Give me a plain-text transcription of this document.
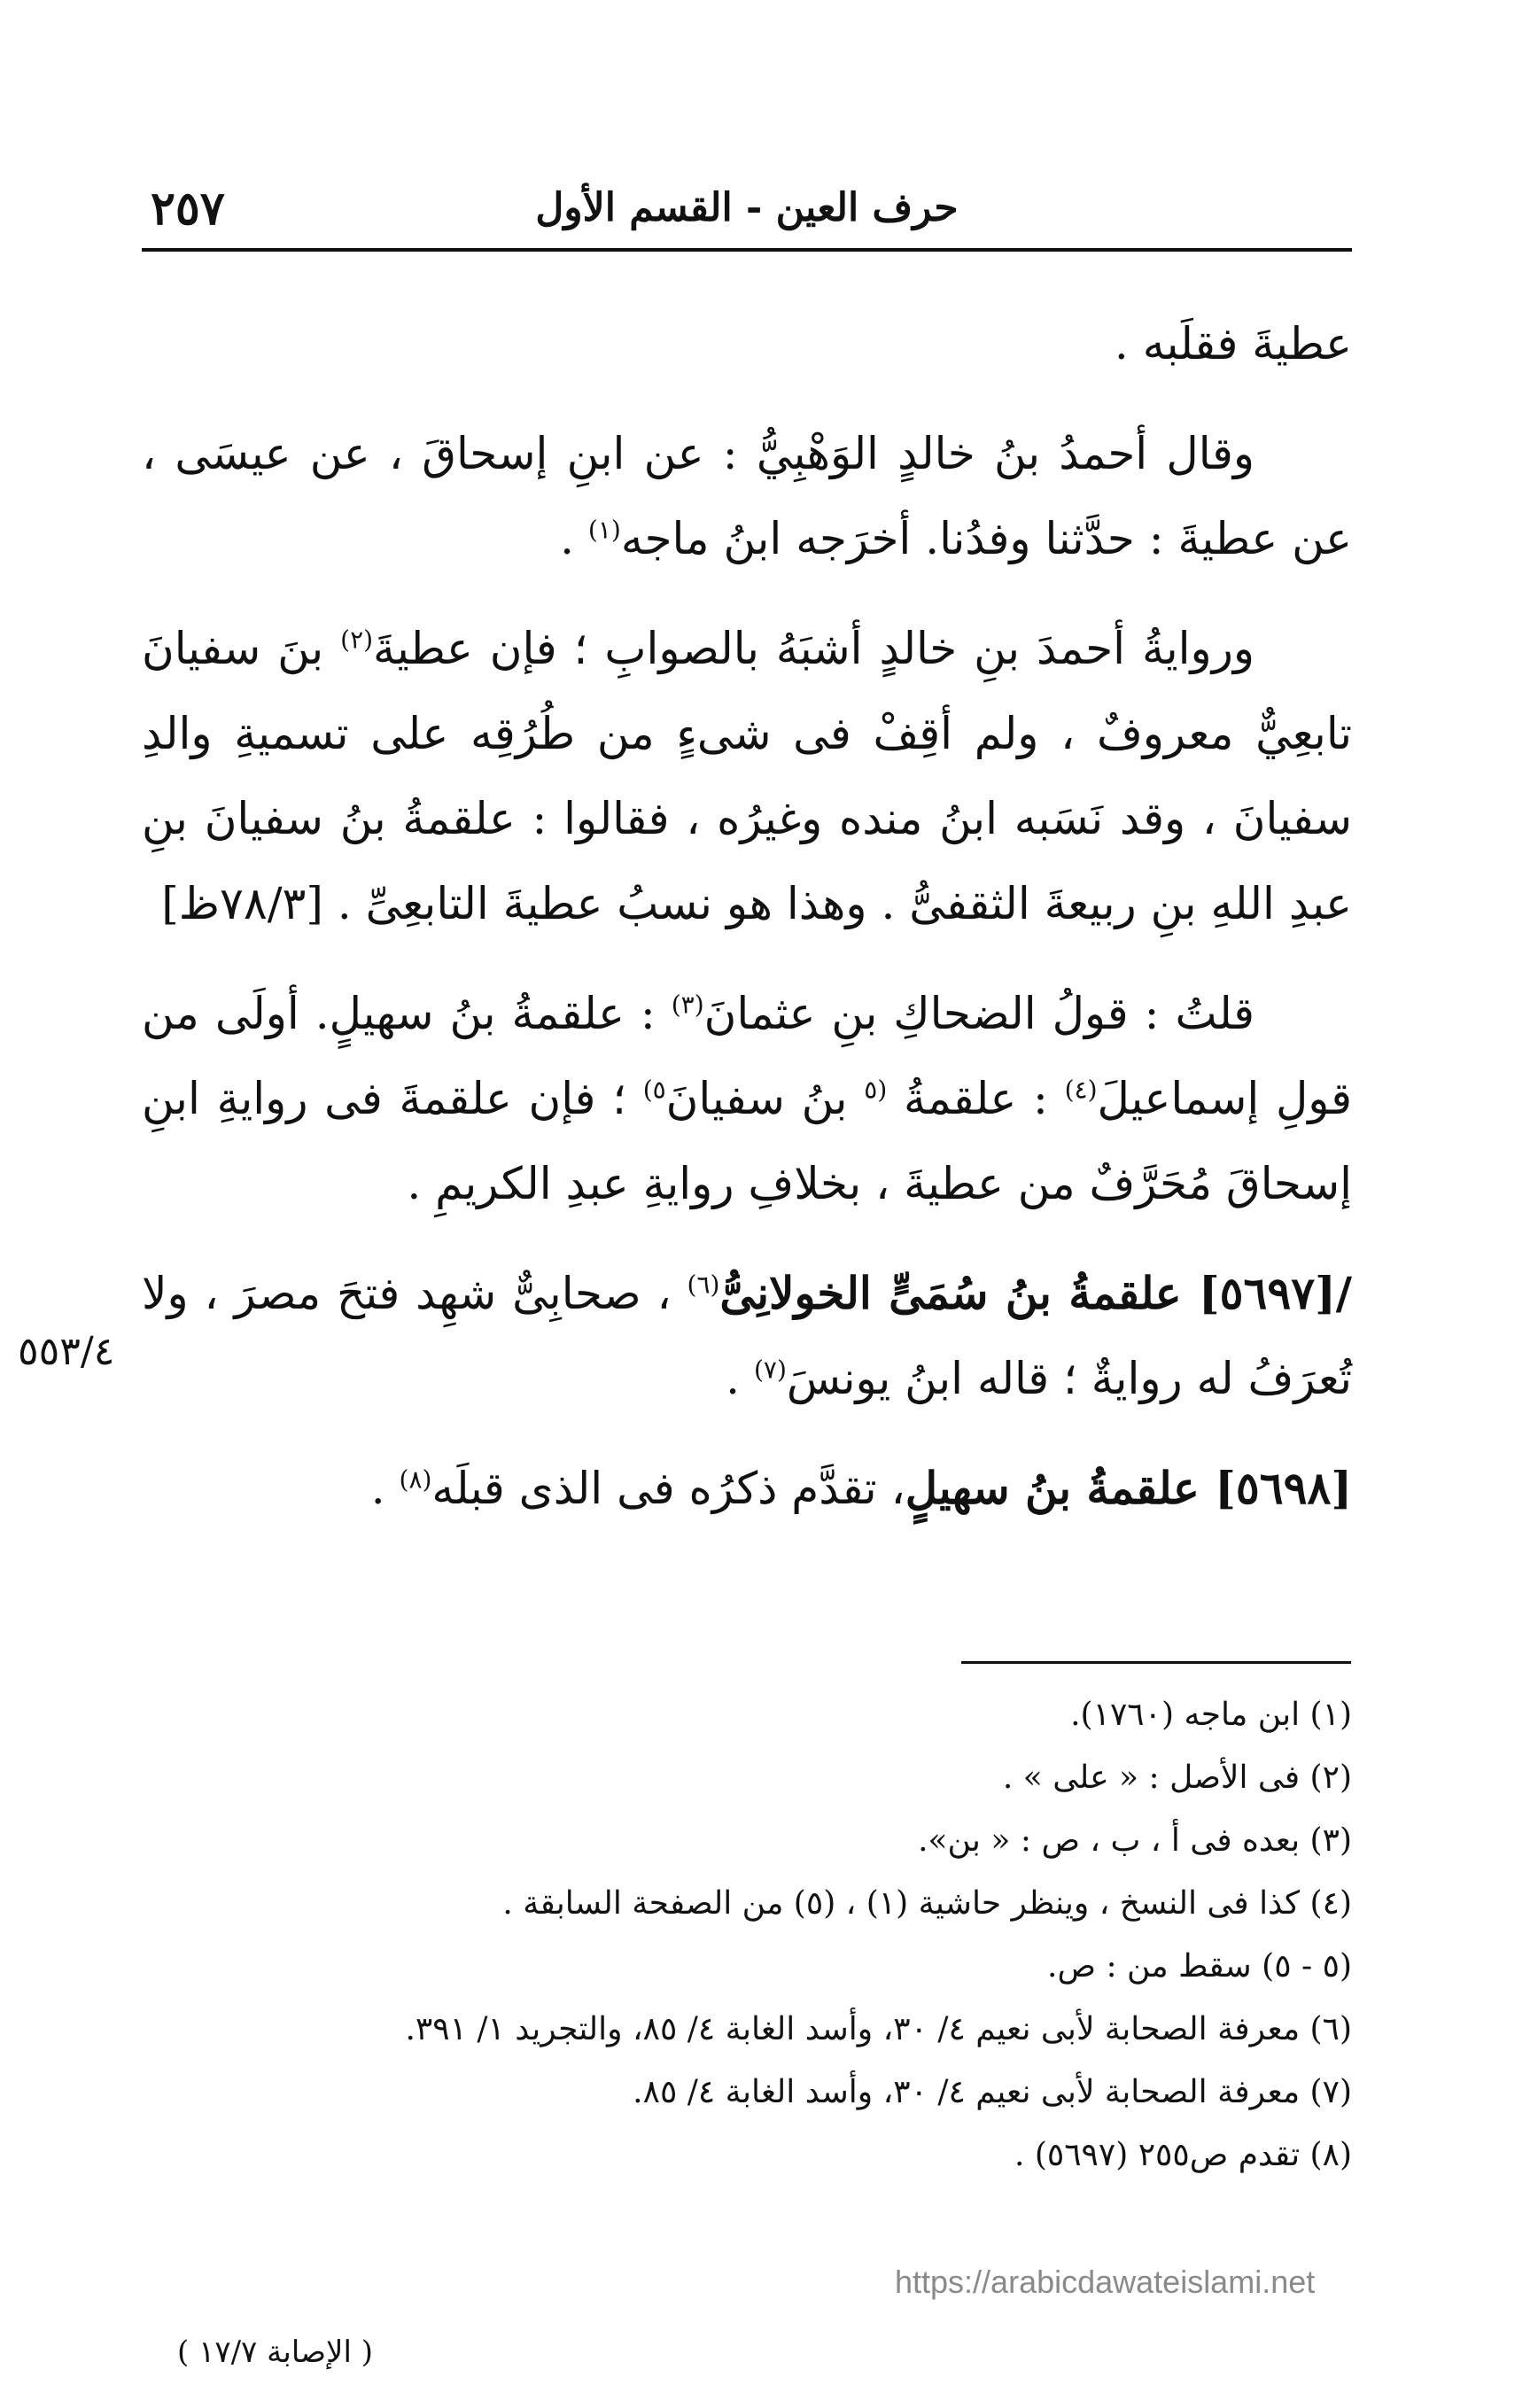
٢٥٧	حرف العين - القسم الأول

عطيةَ فقلَبه .

وقال أحمدُ بنُ خالدٍ الوَهْبِيُّ : عن ابنِ إسحاقَ ، عن عيسَى ، عن عطيةَ : حدَّثنا وفدُنا. أخرَجه ابنُ ماجه$^{(١)}$ .

وروايةُ أحمدَ بنِ خالدٍ أشبَهُ بالصوابِ ؛ فإن عطيةَ$^{(٢)}$ بنَ سفيانَ تابعِيٌّ معروفٌ ، ولم أقِفْ فى شىءٍ من طُرُقِه على تسميةِ والدِ سفيانَ ، وقد نَسَبه ابنُ منده وغيرُه ، فقالوا : علقمةُ بنُ سفيانَ بنِ عبدِ اللهِ بنِ ربيعةَ الثقفىُّ . وهذا هو نسبُ عطيةَ التابعِىِّ . [٧٨/٣ظ]

قلتُ : قولُ الضحاكِ بنِ عثمانَ$^{(٣)}$ : علقمةُ بنُ سهيلٍ. أولَى من قولِ إسماعيلَ$^{(٤)}$ : علقمةُ $^{(٥}$ بنُ سفيانَ$^{٥)}$ ؛ فإن علقمةَ فى روايةِ ابنِ إسحاقَ مُحَرَّفٌ من عطيةَ ، بخلافِ روايةِ عبدِ الكريمِ .

/[٥٦٩٧] علقمةُ بنُ سُمَىٍّ الخولانِىُّ$^{(٦)}$ ، صحابِىٌّ شهِد فتحَ مصرَ ، ولا تُعرَفُ له روايةٌ ؛ قاله ابنُ يونسَ$^{(٧)}$ .

[٥٦٩٨] علقمةُ بنُ سهيلٍ، تقدَّم ذكرُه فى الذى قبلَه$^{(٨)}$ .

٥٥٣/٤

(١) ابن ماجه (١٧٦٠).

(٢) فى الأصل : « على » .

(٣) بعده فى أ ، ب ، ص : « بن».

(٤) كذا فى النسخ ، وينظر حاشية (١) ، (٥) من الصفحة السابقة .

(٥ - ٥) سقط من : ص.

(٦) معرفة الصحابة لأبى نعيم ٤/ ٣٠، وأسد الغابة ٤/ ٨٥، والتجريد ١/ ٣٩١.

(٧) معرفة الصحابة لأبى نعيم ٤/ ٣٠، وأسد الغابة ٤/ ٨٥.

(٨) تقدم ص٢٥٥ (٥٦٩٧) .

https://arabicdawateislami.net
( الإصابة ١٧/٧ )
